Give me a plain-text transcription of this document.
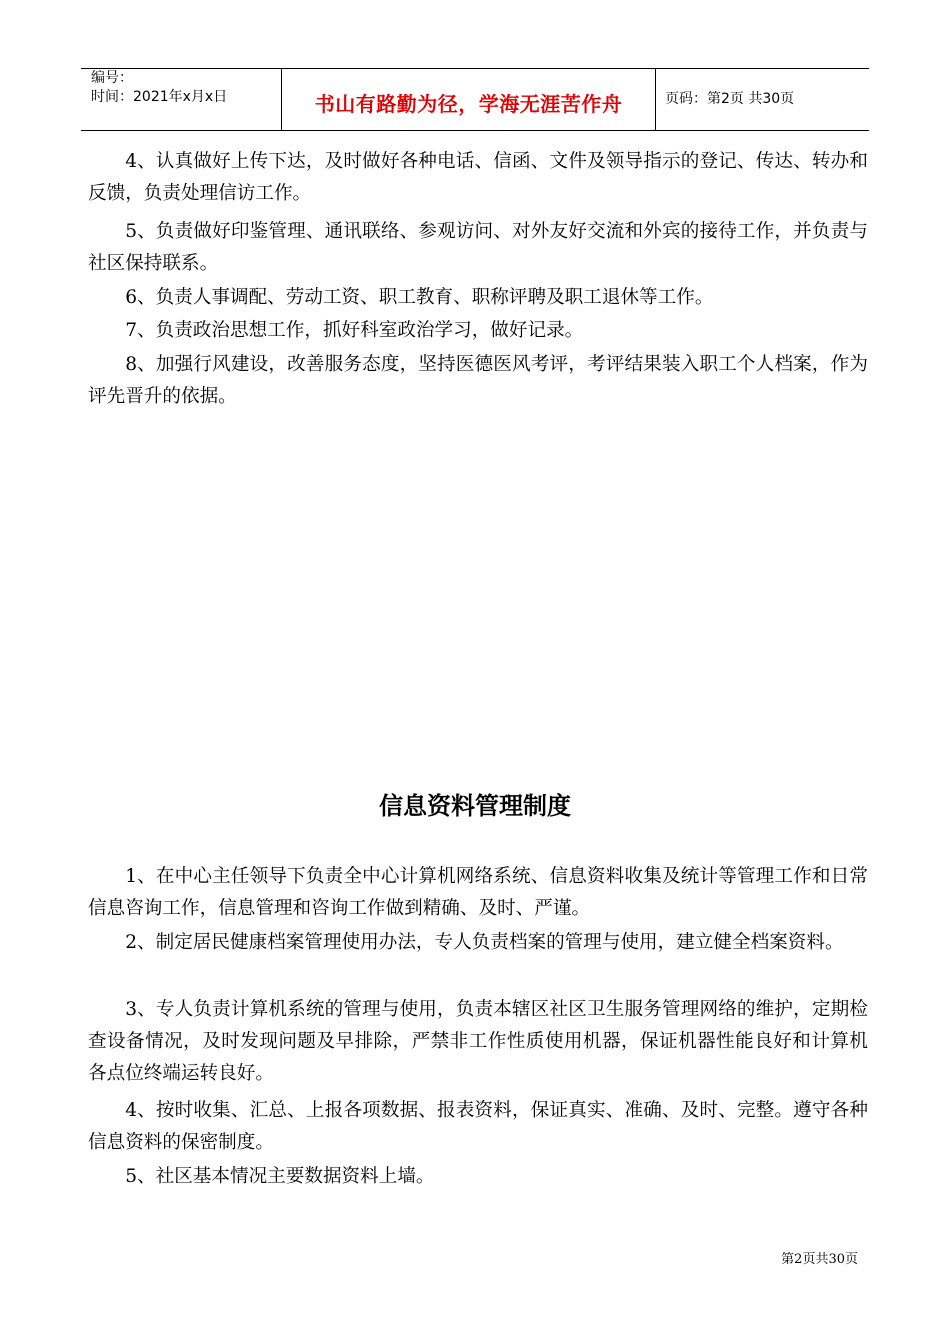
编号：
时间：2021年x月x日	书山有路勤为径，学海无涯苦作舟	页码：第2页 共30页

4、认真做好上传下达，及时做好各种电话、信函、文件及领导指示的登记、传达、转办和反馈，负责处理信访工作。

5、负责做好印鉴管理、通讯联络、参观访问、对外友好交流和外宾的接待工作，并负责与社区保持联系。

6、负责人事调配、劳动工资、职工教育、职称评聘及职工退休等工作。

7、负责政治思想工作，抓好科室政治学习，做好记录。

8、加强行风建设，改善服务态度，坚持医德医风考评，考评结果装入职工个人档案，作为评先晋升的依据。

信息资料管理制度

1、在中心主任领导下负责全中心计算机网络系统、信息资料收集及统计等管理工作和日常信息咨询工作，信息管理和咨询工作做到精确、及时、严谨。

2、制定居民健康档案管理使用办法，专人负责档案的管理与使用，建立健全档案资料。

3、专人负责计算机系统的管理与使用，负责本辖区社区卫生服务管理网络的维护，定期检查设备情况，及时发现问题及早排除，严禁非工作性质使用机器，保证机器性能良好和计算机各点位终端运转良好。

4、按时收集、汇总、上报各项数据、报表资料，保证真实、准确、及时、完整。遵守各种信息资料的保密制度。

5、社区基本情况主要数据资料上墙。

第2页共30页
